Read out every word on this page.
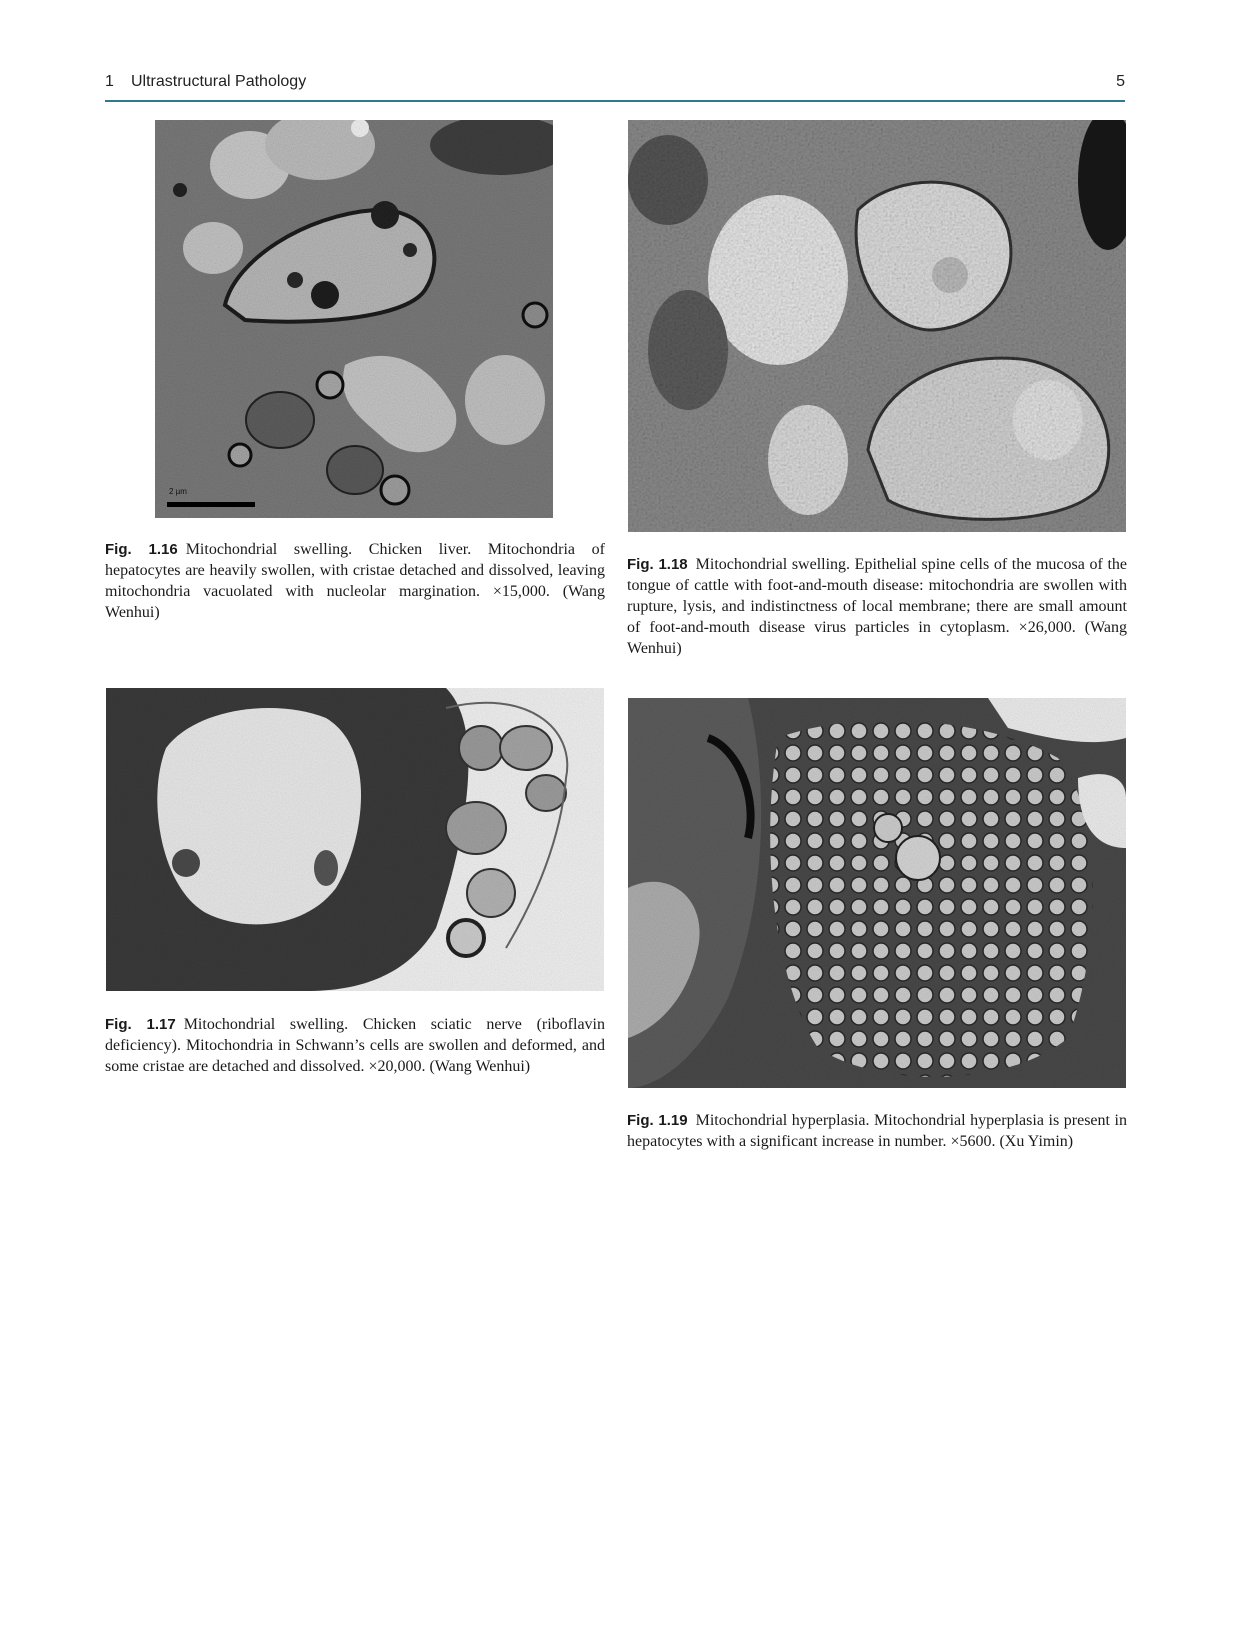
1 Ultrastructural Pathology	5
2 µm
Fig. 1.16 Mitochondrial swelling. Chicken liver. Mitochondria of hepatocytes are heavily swollen, with cristae detached and dissolved, leaving mitochondria vacuolated with nucleolar margination. ×15,000. (Wang Wenhui)
Fig. 1.18 Mitochondrial swelling. Epithelial spine cells of the mucosa of the tongue of cattle with foot-and-mouth disease: mitochondria are swollen with rupture, lysis, and indistinctness of local membrane; there are small amount of foot-and-mouth disease virus particles in cytoplasm. ×26,000. (Wang Wenhui)
Fig. 1.17 Mitochondrial swelling. Chicken sciatic nerve (riboflavin deficiency). Mitochondria in Schwann’s cells are swollen and deformed, and some cristae are detached and dissolved. ×20,000. (Wang Wenhui)
Fig. 1.19 Mitochondrial hyperplasia. Mitochondrial hyperplasia is present in hepatocytes with a significant increase in number. ×5600. (Xu Yimin)
